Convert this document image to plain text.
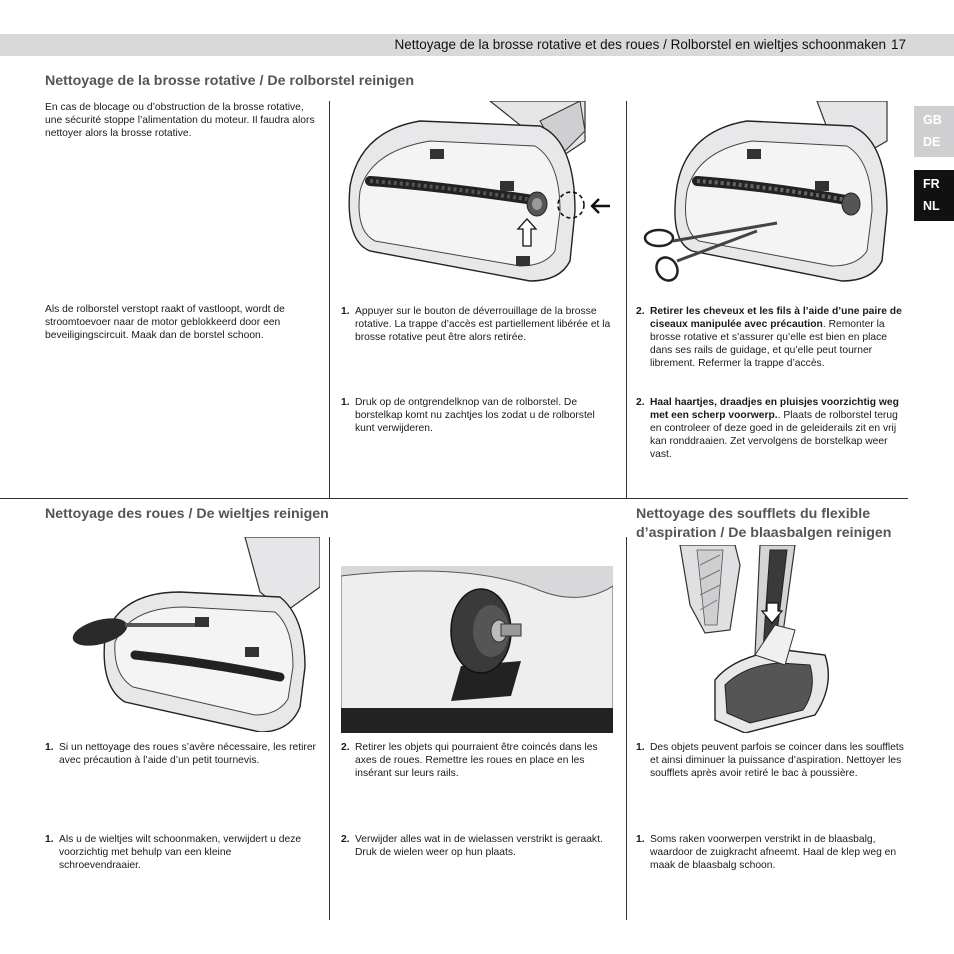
Nettoyage de la brosse rotative et des roues / Rolborstel en wieltjes schoonmaken 17
GB
DE
FR
NL
Nettoyage de la brosse rotative / De rolborstel reinigen
En cas de blocage ou d’obstruction de la brosse rotative, une sécurité stoppe l’alimentation du moteur. Il faudra alors nettoyer alors la brosse rotative.
Als de rolborstel verstopt raakt of vastloopt, wordt de stroomtoevoer naar de motor geblokkeerd door een beveiligingscircuit. Maak dan de borstel schoon.
1. Appuyer sur le bouton de déverrouillage de la brosse rotative. La trappe d’accès est partiellement libérée et la brosse rotative peut être alors retirée.
1. Druk op de ontgrendelknop van de rolborstel. De borstelkap komt nu zachtjes los zodat u de rolborstel kunt verwijderen.
2. Retirer les cheveux et les fils à l’aide d’une paire de ciseaux manipulée avec précaution. Remonter la brosse rotative et s’assurer qu’elle est bien en place dans ses rails de guidage, et qu’elle peut tourner librement. Refermer la trappe d’accès.
2. Haal haartjes, draadjes en pluisjes voorzichtig weg met een scherp voorwerp.. Plaats de rolborstel terug en controleer of deze goed in de geleiderails zit en vrij kan ronddraaien. Zet vervolgens de borstelkap weer vast.
Nettoyage des roues / De wieltjes reinigen
1. Si un nettoyage des roues s’avère nécessaire, les retirer avec précaution à l’aide d’un petit tournevis.
1. Als u de wieltjes wilt schoonmaken, verwijdert u deze voorzichtig met behulp van een kleine schroevendraaier.
2. Retirer les objets qui pourraient être coincés dans les axes de roues. Remettre les roues en place en les insérant sur leurs rails.
2. Verwijder alles wat in de wielassen verstrikt is geraakt. Druk de wielen weer op hun plaats.
Nettoyage des soufflets du flexible
d’aspiration / De blaasbalgen reinigen
1. Des objets peuvent parfois se coincer dans les soufflets et ainsi diminuer la puissance d’aspiration. Nettoyer les soufflets après avoir retiré le bac à poussière.
1. Soms raken voorwerpen verstrikt in de blaasbalg, waardoor de zuigkracht afneemt. Haal de klep weg en maak de blaasbalg schoon.
